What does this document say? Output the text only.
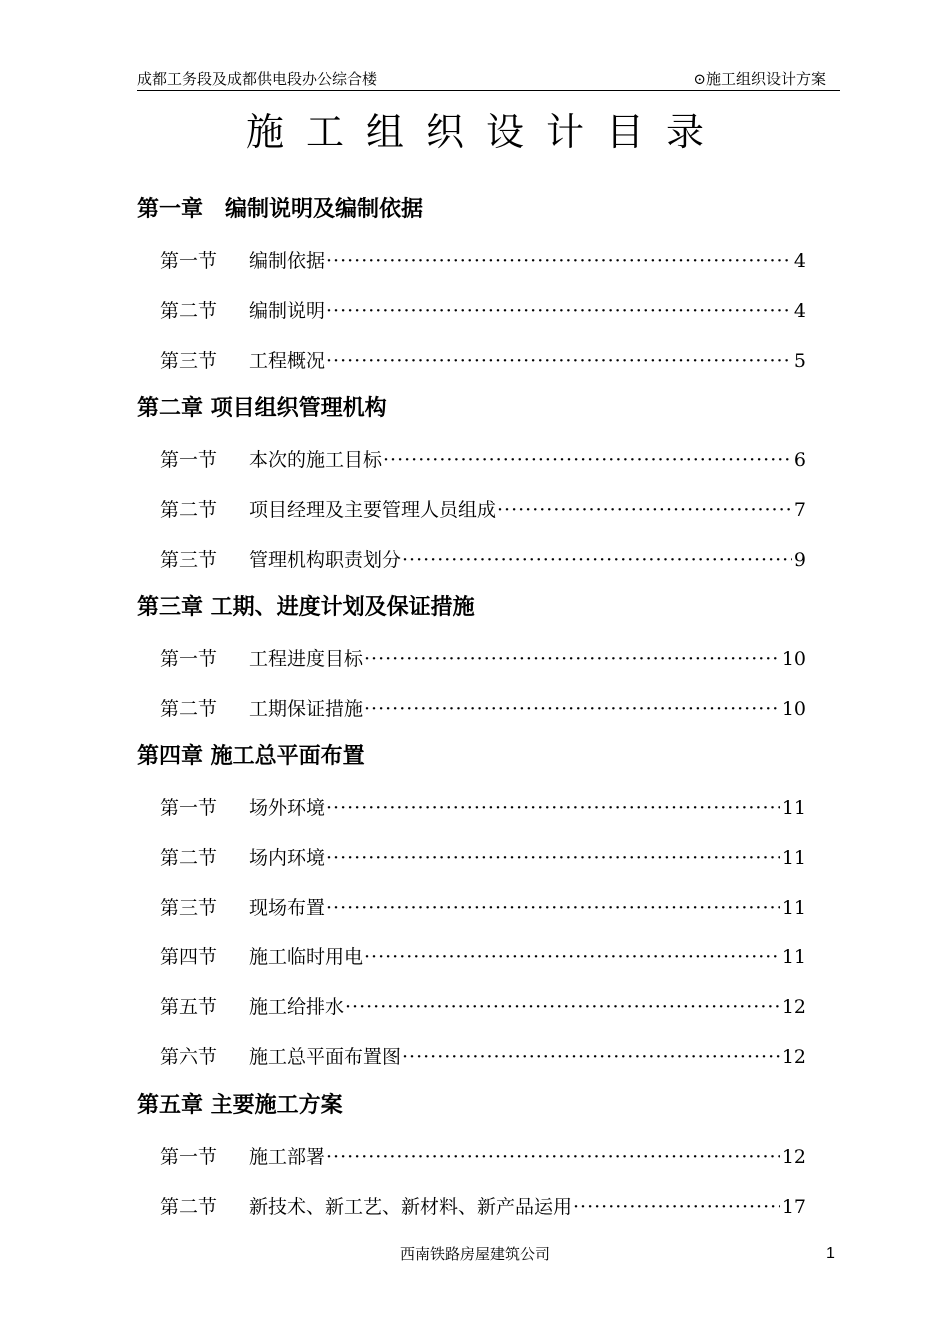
成都工务段及成都供电段办公综合楼	⊙施工组织设计方案
施工组织设计目录
第一章　编制说明及编制依据
第一节	编制依据 ·····	4
第二节	编制说明 ·····	4
第三节	工程概况 ·····	5
第二章 项目组织管理机构
第一节	本次的施工目标 ·····	6
第二节	项目经理及主要管理人员组成 ·····	7
第三节	管理机构职责划分 ·····	9
第三章 工期、进度计划及保证措施
第一节	工程进度目标 ·····	10
第二节	工期保证措施 ·····	10
第四章 施工总平面布置
第一节	场外环境 ·····	11
第二节	场内环境 ·····	11
第三节	现场布置 ·····	11
第四节	施工临时用电 ·····	11
第五节	施工给排水 ·····	12
第六节	施工总平面布置图 ·····	12
第五章 主要施工方案
第一节	施工部署 ·····	12
第二节	新技术、新工艺、新材料、新产品运用 ·····	17
西南铁路房屋建筑公司	1
